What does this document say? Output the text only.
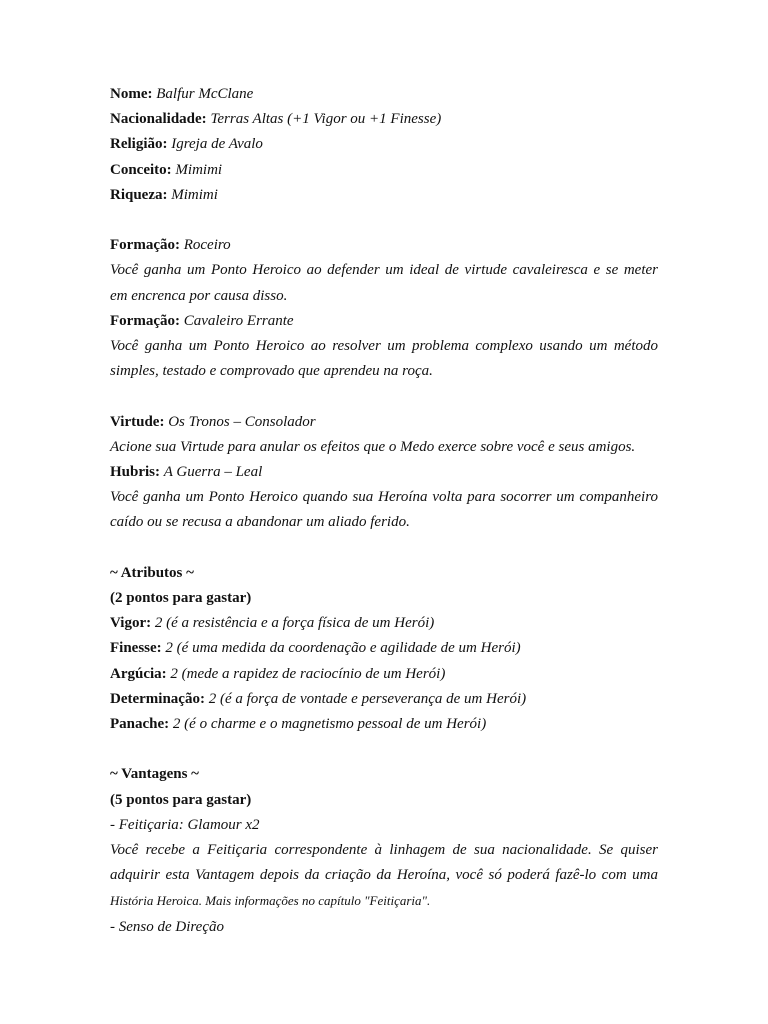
Nome: Balfur McClane

Nacionalidade: Terras Altas (+1 Vigor ou +1 Finesse)

Religião: Igreja de Avalo

Conceito: Mimimi

Riqueza: Mimimi

Formação: Roceiro

Você ganha um Ponto Heroico ao defender um ideal de virtude cavaleiresca e se meter

em encrenca por causa disso.

Formação: Cavaleiro Errante

Você ganha um Ponto Heroico ao resolver um problema complexo usando um método

simples, testado e comprovado que aprendeu na roça.

Virtude: Os Tronos – Consolador

Acione sua Virtude para anular os efeitos que o Medo exerce sobre você e seus amigos.

Hubris: A Guerra – Leal

Você ganha um Ponto Heroico quando sua Heroína volta para socorrer um companheiro

caído ou se recusa a abandonar um aliado ferido.

~ Atributos ~

(2 pontos para gastar)

Vigor: 2 (é a resistência e a força física de um Herói)

Finesse: 2 (é uma medida da coordenação e agilidade de um Herói)

Argúcia: 2 (mede a rapidez de raciocínio de um Herói)

Determinação: 2 (é a força de vontade e perseverança de um Herói)

Panache: 2 (é o charme e o magnetismo pessoal de um Herói)

~ Vantagens ~

(5 pontos para gastar)

- Feitiçaria: Glamour x2

Você recebe a Feitiçaria correspondente à linhagem de sua nacionalidade. Se quiser

adquirir esta Vantagem depois da criação da Heroína, você só poderá fazê-lo com uma

História Heroica. Mais informações no capítulo "Feitiçaria".

- Senso de Direção
